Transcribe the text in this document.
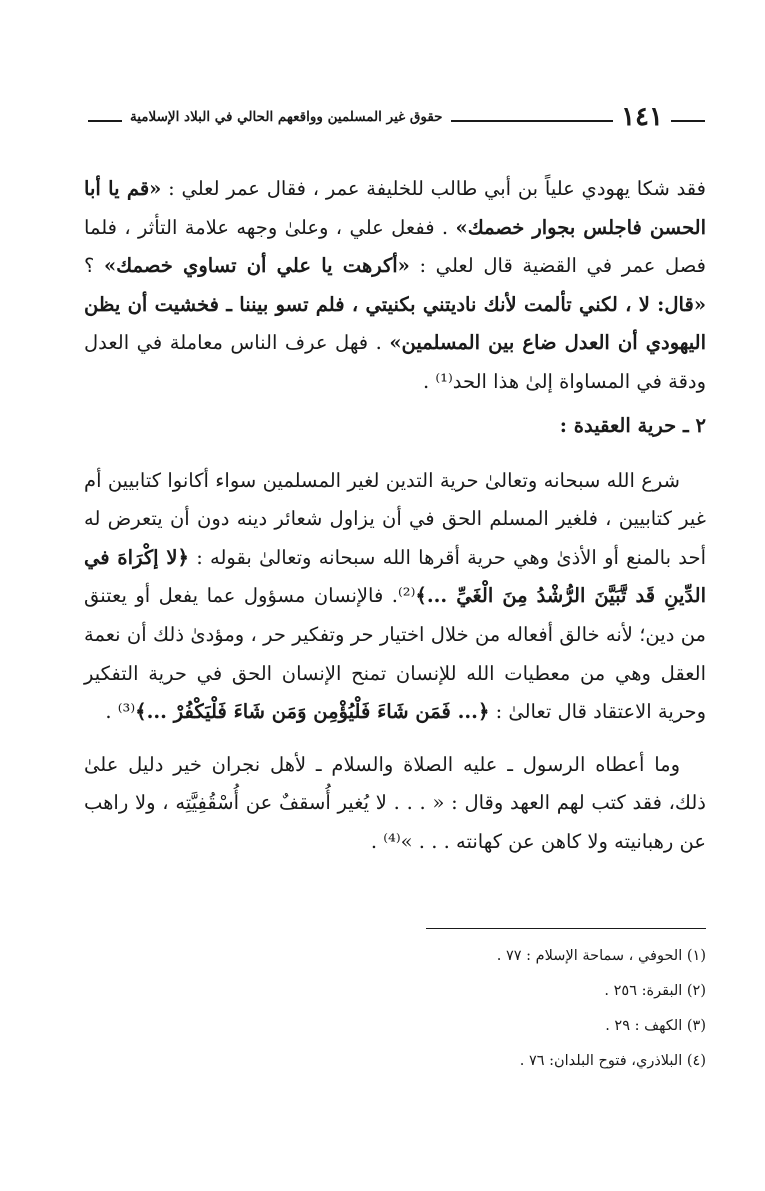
١٤١
حقوق غير المسلمين وواقعهم الحالي في البلاد الإسلامية

فقد شكا يهودي علياً بن أبي طالب للخليفة عمر ، فقال عمر لعلي : «قم يا أبا الحسن فاجلس بجوار خصمك» . ففعل علي ، وعلىٰ وجهه علامة التأثر ، فلما فصل عمر في القضية قال لعلي : «أكرهت يا علي أن تساوي خصمك» ؟ «قال: لا ، لكني تألمت لأنك ناديتني بكنيتي ، فلم تسو بيننا ـ فخشيت أن يظن اليهودي أن العدل ضاع بين المسلمين» . فهل عرف الناس معاملة في العدل ودقة في المساواة إلىٰ هذا الحد⁽¹⁾ .

٢ ـ حرية العقيدة :

شرع الله سبحانه وتعالىٰ حرية التدين لغير المسلمين سواء أكانوا كتابيين أم غير كتابيين ، فلغير المسلم الحق في أن يزاول شعائر دينه دون أن يتعرض له أحد بالمنع أو الأذىٰ وهي حرية أقرها الله سبحانه وتعالىٰ بقوله : ﴿لا إكْرَاهَ في الدِّينِ قَد تَّبَيَّنَ الرُّشْدُ مِنَ الْغَيِّ ...﴾⁽²⁾. فالإنسان مسؤول عما يفعل أو يعتنق من دين؛ لأنه خالق أفعاله من خلال اختيار حر وتفكير حر ، ومؤدىٰ ذلك أن نعمة العقل وهي من معطيات الله للإنسان تمنح الإنسان الحق في حرية التفكير وحرية الاعتقاد قال تعالىٰ : ﴿... فَمَن شَاءَ فَلْيُؤْمِن وَمَن شَاءَ فَلْيَكْفُرْ ...﴾⁽³⁾ .

وما أعطاه الرسول ـ عليه الصلاة والسلام ـ لأهل نجران خير دليل علىٰ ذلك، فقد كتب لهم العهد وقال : « . . . لا يُغير أُسقفٌ عن أُسْقُفِيَّتِه ، ولا راهب عن رهبانيته ولا كاهن عن كهانته . . . »⁽⁴⁾ .

(١) الحوفي ، سماحة الإسلام : ٧٧ .

(٢) البقرة: ٢٥٦ .

(٣) الكهف : ٢٩ .

(٤) البلاذري، فتوح البلدان: ٧٦ .
